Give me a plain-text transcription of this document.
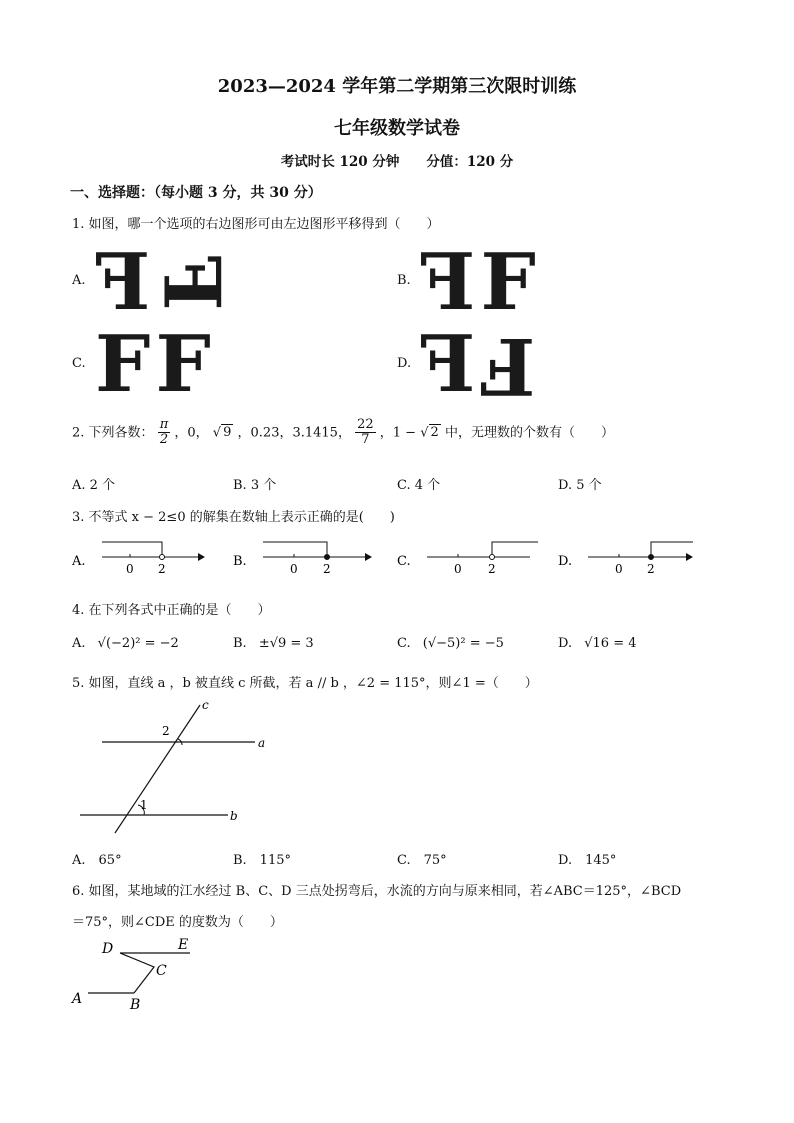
2023—2024 学年第二学期第三次限时训练
七年级数学试卷
考试时长 120 分钟　　分值：120 分
一、选择题：（每小题 3 分，共 30 分）
1. 如图，哪一个选项的右边图形可由左边图形平移得到（　　）
A. F F	B. F F
C. F F	D. F F
2. 下列各数： $\frac{\pi}{2}$ ，0， √ 9 ，0.23，3.1415， $\frac{22}{7}$ ，1 − √ 2 中，无理数的个数有（　　）
A. 2 个	B. 3 个	C. 4 个	D. 5 个
3. 不等式 x − 2≤0 的解集在数轴上表示正确的是(　　)
A.	0 2	B.	0 2	C.	0 2	D.	0 2
4. 在下列各式中正确的是（　　）
A. √(−2)² = −2	B. ±√9 = 3	C. (√−5)² = −5	D. √16 = 4
5. 如图，直线 a ，b 被直线 c 所截，若 a // b ，∠2 = 115°，则∠1 =（　　）
c
a
b
2
1
A.　65°	B.　115°	C.　75°	D.　145°
6. 如图，某地域的江水经过 B、C、D 三点处拐弯后，水流的方向与原来相同，若∠ABC＝125°，∠BCD
＝75°，则∠CDE 的度数为（　　）
D	E
C
A	B
